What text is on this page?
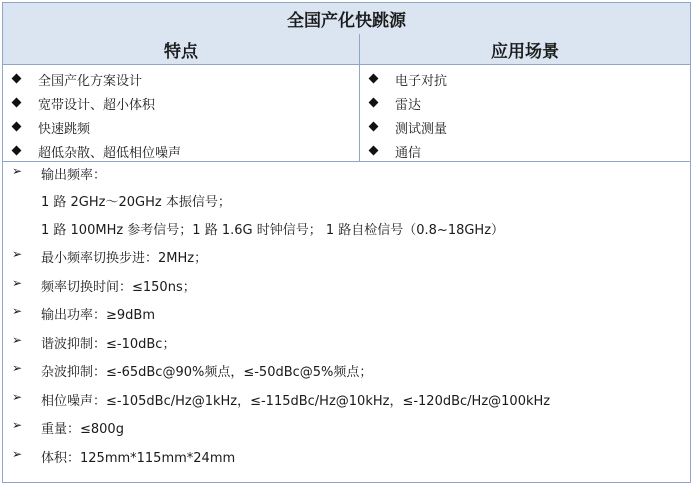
全国产化快跳源
特点	应用场景
全国产化方案设计
宽带设计、超小体积
快速跳频
超低杂散、超低相位噪声
电子对抗
雷达
测试测量
通信
➢ 输出频率：
1 路 2GHz～20GHz 本振信号；
1 路 100MHz 参考信号；1 路 1.6G 时钟信号； 1 路自检信号（0.8~18GHz）
➢ 最小频率切换步进：2MHz；
➢ 频率切换时间：≤150ns；
➢ 输出功率：≥9dBm
➢ 谐波抑制：≤-10dBc；
➢ 杂波抑制：≤-65dBc@90%频点，≤-50dBc@5%频点；
➢ 相位噪声：≤-105dBc/Hz@1kHz，≤-115dBc/Hz@10kHz，≤-120dBc/Hz@100kHz
➢ 重量：≤800g
➢ 体积：125mm*115mm*24mm
